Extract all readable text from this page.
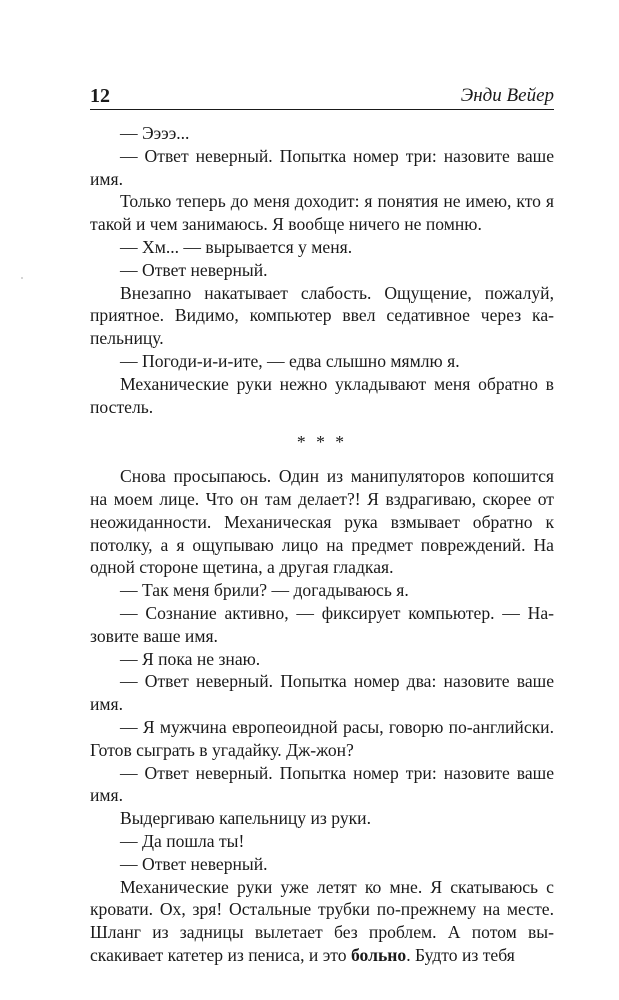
12	Энди Вейер

— Ээээ...

— Ответ неверный. Попытка номер три: назовите ваше имя.

Только теперь до меня доходит: я понятия не имею, кто я такой и чем занимаюсь. Я вообще ничего не помню.

— Хм... — вырывается у меня.

— Ответ неверный.

Внезапно накатывает слабость. Ощущение, пожалуй, приятное. Видимо, компьютер ввел седативное через капельницу.

— Погоди-и-и-ите, — едва слышно мямлю я.

Механические руки нежно укладывают меня обратно в постель.

* * *

Снова просыпаюсь. Один из манипуляторов копошится на моем лице. Что он там делает?! Я вздрагиваю, скорее от неожиданности. Механическая рука взмывает обратно к потолку, а я ощупываю лицо на предмет повреждений. На одной стороне щетина, а другая гладкая.

— Так меня брили? — догадываюсь я.

— Сознание активно, — фиксирует компьютер. — Назовите ваше имя.

— Я пока не знаю.

— Ответ неверный. Попытка номер два: назовите ваше имя.

— Я мужчина европеоидной расы, говорю по-английски. Готов сыграть в угадайку. Дж-жон?

— Ответ неверный. Попытка номер три: назовите ваше имя.

Выдергиваю капельницу из руки.

— Да пошла ты!

— Ответ неверный.

Механические руки уже летят ко мне. Я скатываюсь с кровати. Ох, зря! Остальные трубки по-прежнему на месте. Шланг из задницы вылетает без проблем. А потом выскакивает катетер из пениса, и это больно. Будто из тебя
